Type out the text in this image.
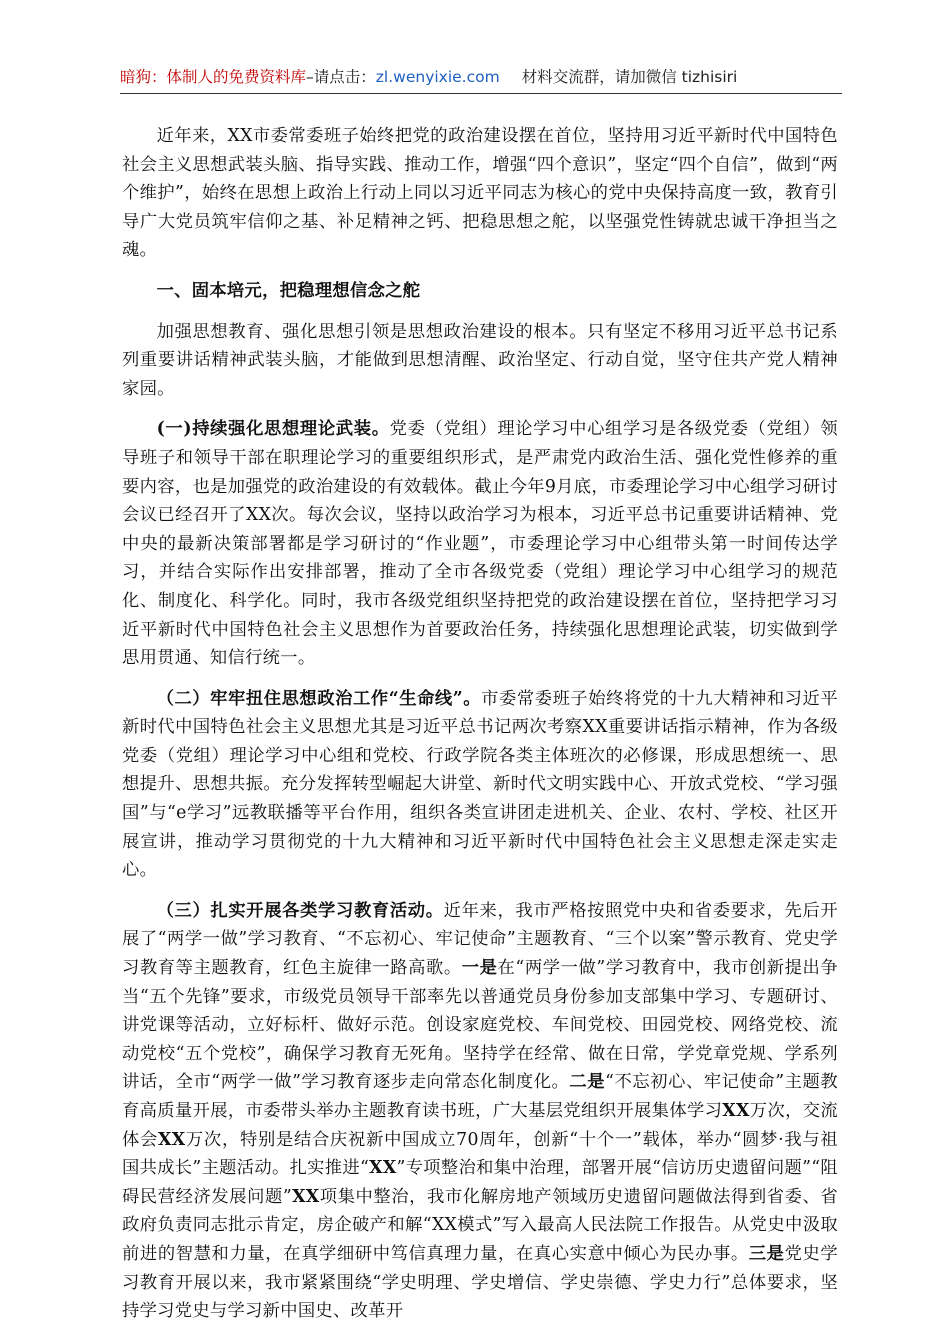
暗狗：体制人的免费资料库–请点击：zl.wenyixie.com 材料交流群，请加微信 tizhisiri

近年来，XX市委常委班子始终把党的政治建设摆在首位，坚持用习近平新时代中国特色社会主义思想武装头脑、指导实践、推动工作，增强“四个意识”，坚定“四个自信”，做到“两个维护”，始终在思想上政治上行动上同以习近平同志为核心的党中央保持高度一致，教育引导广大党员筑牢信仰之基、补足精神之钙、把稳思想之舵，以坚强党性铸就忠诚干净担当之魂。

一、固本培元，把稳理想信念之舵

加强思想教育、强化思想引领是思想政治建设的根本。只有坚定不移用习近平总书记系列重要讲话精神武装头脑，才能做到思想清醒、政治坚定、行动自觉，坚守住共产党人精神家园。

(一)持续强化思想理论武装。党委（党组）理论学习中心组学习是各级党委（党组）领导班子和领导干部在职理论学习的重要组织形式，是严肃党内政治生活、强化党性修养的重要内容，也是加强党的政治建设的有效载体。截止今年9月底，市委理论学习中心组学习研讨会议已经召开了XX次。每次会议，坚持以政治学习为根本，习近平总书记重要讲话精神、党中央的最新决策部署都是学习研讨的“作业题”，市委理论学习中心组带头第一时间传达学习，并结合实际作出安排部署，推动了全市各级党委（党组）理论学习中心组学习的规范化、制度化、科学化。同时，我市各级党组织坚持把党的政治建设摆在首位，坚持把学习习近平新时代中国特色社会主义思想作为首要政治任务，持续强化思想理论武装，切实做到学思用贯通、知信行统一。

（二）牢牢扭住思想政治工作“生命线”。市委常委班子始终将党的十九大精神和习近平新时代中国特色社会主义思想尤其是习近平总书记两次考察XX重要讲话指示精神，作为各级党委（党组）理论学习中心组和党校、行政学院各类主体班次的必修课，形成思想统一、思想提升、思想共振。充分发挥转型崛起大讲堂、新时代文明实践中心、开放式党校、“学习强国”与“e学习”远教联播等平台作用，组织各类宣讲团走进机关、企业、农村、学校、社区开展宣讲，推动学习贯彻党的十九大精神和习近平新时代中国特色社会主义思想走深走实走心。

（三）扎实开展各类学习教育活动。近年来，我市严格按照党中央和省委要求，先后开展了“两学一做”学习教育、“不忘初心、牢记使命”主题教育、“三个以案”警示教育、党史学习教育等主题教育，红色主旋律一路高歌。一是在“两学一做”学习教育中，我市创新提出争当“五个先锋”要求，市级党员领导干部率先以普通党员身份参加支部集中学习、专题研讨、讲党课等活动，立好标杆、做好示范。创设家庭党校、车间党校、田园党校、网络党校、流动党校“五个党校”，确保学习教育无死角。坚持学在经常、做在日常，学党章党规、学系列讲话，全市“两学一做”学习教育逐步走向常态化制度化。二是“不忘初心、牢记使命”主题教育高质量开展，市委带头举办主题教育读书班，广大基层党组织开展集体学习XX万次，交流体会XX万次，特别是结合庆祝新中国成立70周年，创新“十个一”载体，举办“圆梦·我与祖国共成长”主题活动。扎实推进“XX”专项整治和集中治理，部署开展“信访历史遗留问题”“阻碍民营经济发展问题”XX项集中整治，我市化解房地产领域历史遗留问题做法得到省委、省政府负责同志批示肯定，房企破产和解“XX模式”写入最高人民法院工作报告。从党史中汲取前进的智慧和力量，在真学细研中笃信真理力量，在真心实意中倾心为民办事。三是党史学习教育开展以来，我市紧紧围绕“学史明理、学史增信、学史崇德、学史力行”总体要求，坚持学习党史与学习新中国史、改革开
